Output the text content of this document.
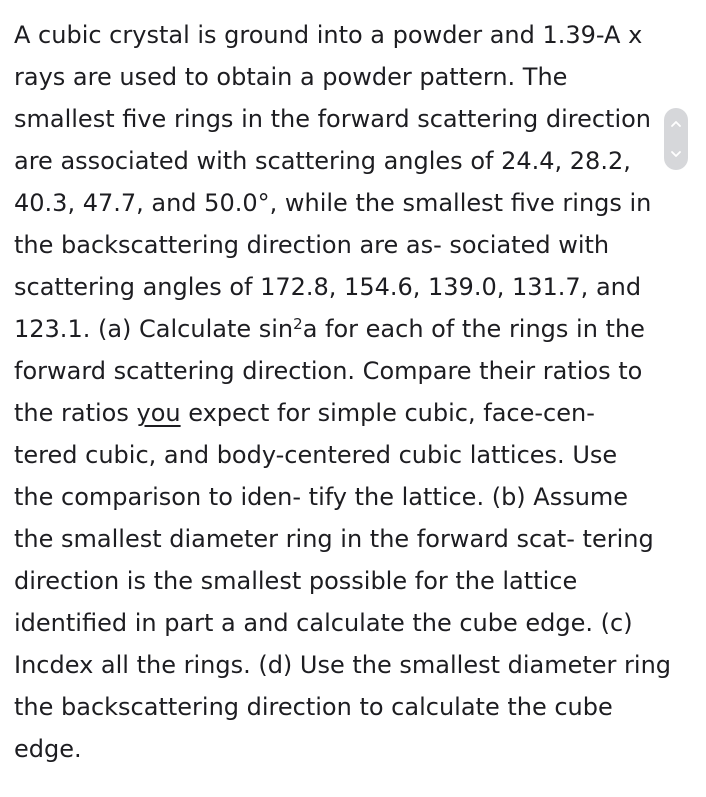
A cubic crystal is ground into a powder and 1.39-A x
rays are used to obtain a powder pattern. The
smallest five rings in the forward scattering direction
are associated with scattering angles of 24.4, 28.2,
40.3, 47.7, and 50.0°, while the smallest five rings in
the backscattering direction are as- sociated with
scattering angles of 172.8, 154.6, 139.0, 131.7, and
123.1. (a) Calculate $\sin^2a$ for each of the rings in the
forward scattering direction. Compare their ratios to
the ratios you expect for simple cubic, face-cen-
tered cubic, and body-centered cubic lattices. Use
the comparison to iden- tify the lattice. (b) Assume
the smallest diameter ring in the forward scat- tering
direction is the smallest possible for the lattice
identified in part a and calculate the cube edge. (c)
Incdex all the rings. (d) Use the smallest diameter ring
the backscattering direction to calculate the cube
edge.
